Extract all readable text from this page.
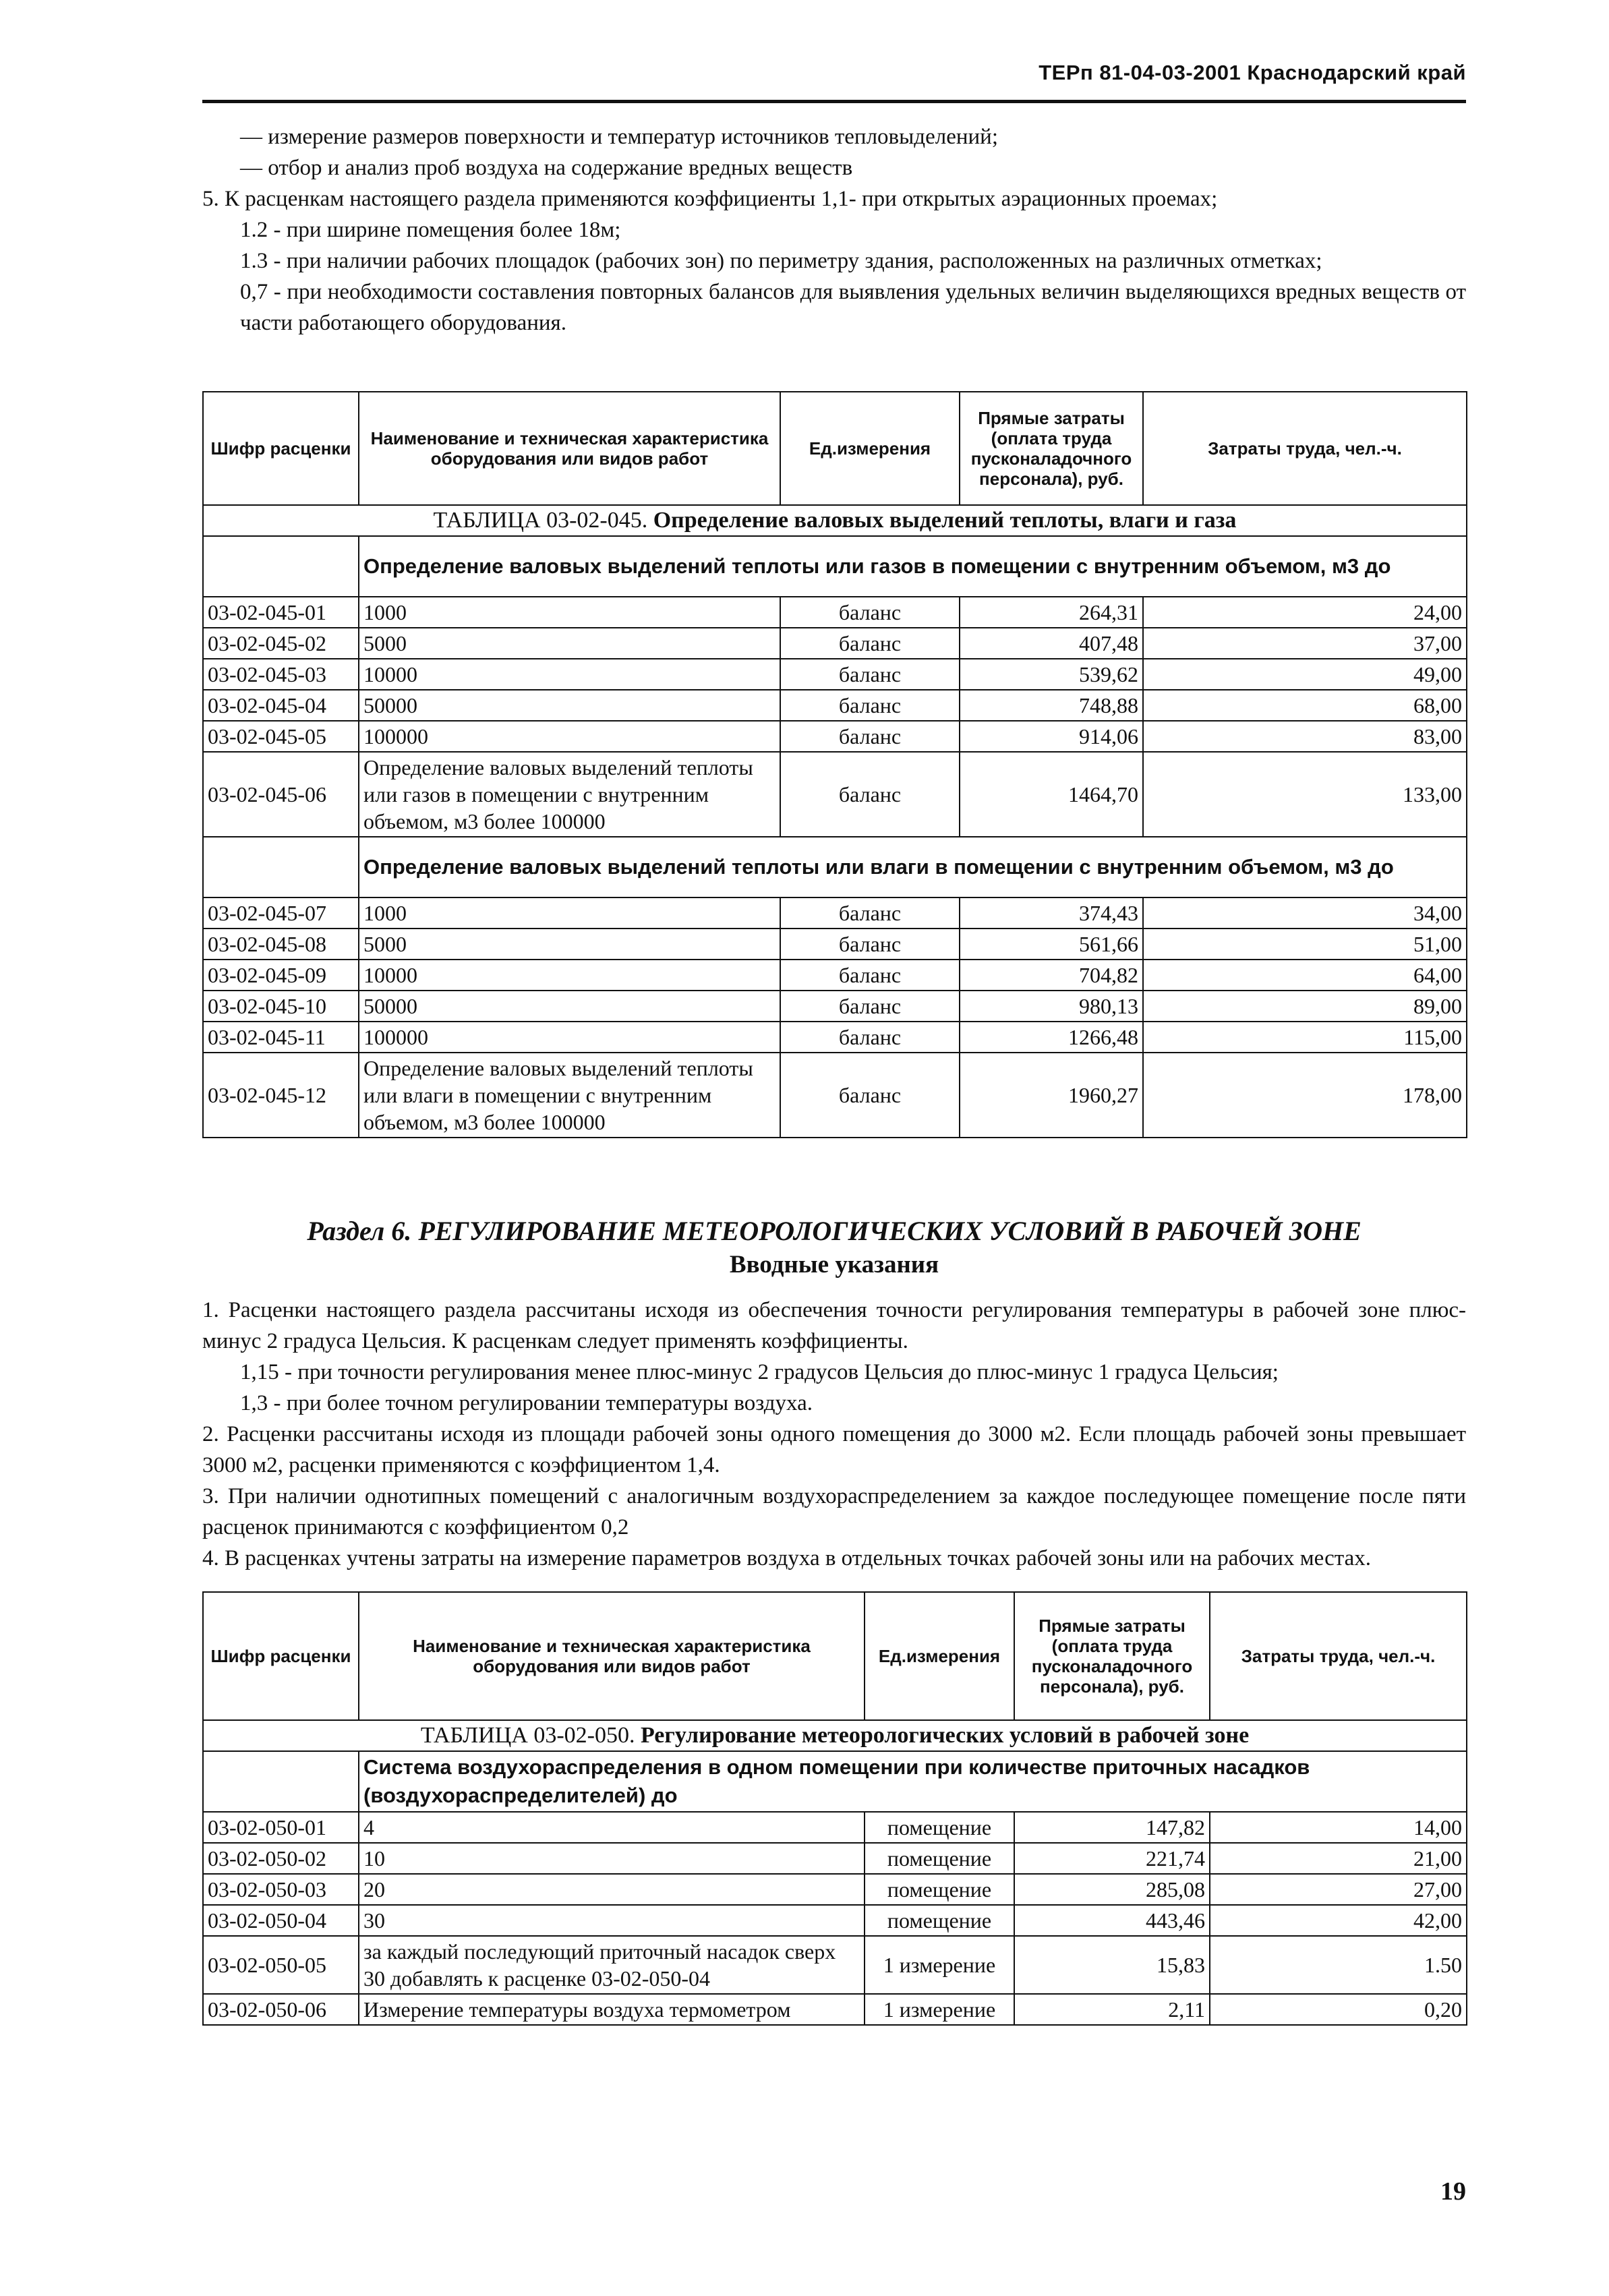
ТЕРп 81-04-03-2001 Краснодарский край

— измерение размеров поверхности и температур источников тепловыделений;

— отбор и анализ проб воздуха на содержание вредных веществ

5. К расценкам настоящего раздела применяются коэффициенты 1,1- при открытых аэрационных проемах;

1.2 - при ширине помещения более 18м;

1.3 - при наличии рабочих площадок (рабочих зон) по периметру здания, расположенных на различных отметках;

0,7 - при необходимости составления повторных балансов для выявления удельных величин выделяющихся вредных веществ от части работающего оборудования.

Шифр расценки	Наименование и техническая характеристика оборудования или видов работ	Ед.измерения	Прямые затраты (оплата труда пусконаладочного персонала), руб.	Затраты труда, чел.-ч.
ТАБЛИЦА 03-02-045. Определение валовых выделений теплоты, влаги и газа				
	Определение валовых выделений теплоты или газов в помещении с внутренним объемом, м3 до			
03-02-045-01	1000	баланс	264,31	24,00
03-02-045-02	5000	баланс	407,48	37,00
03-02-045-03	10000	баланс	539,62	49,00
03-02-045-04	50000	баланс	748,88	68,00
03-02-045-05	100000	баланс	914,06	83,00
03-02-045-06	Определение валовых выделений теплоты или газов в помещении с внутренним объемом, м3 более 100000	баланс	1464,70	133,00
	Определение валовых выделений теплоты или влаги в помещении с внутренним объемом, м3 до			
03-02-045-07	1000	баланс	374,43	34,00
03-02-045-08	5000	баланс	561,66	51,00
03-02-045-09	10000	баланс	704,82	64,00
03-02-045-10	50000	баланс	980,13	89,00
03-02-045-11	100000	баланс	1266,48	115,00
03-02-045-12	Определение валовых выделений теплоты или влаги в помещении с внутренним объемом, м3 более 100000	баланс	1960,27	178,00
Раздел 6. РЕГУЛИРОВАНИЕ МЕТЕОРОЛОГИЧЕСКИХ УСЛОВИЙ В РАБОЧЕЙ ЗОНЕ
Вводные указания

1. Расценки настоящего раздела рассчитаны исходя из обеспечения точности регулирования температуры в рабочей зоне плюс-минус 2 градуса Цельсия. К расценкам следует применять коэффициенты.

1,15 - при точности регулирования менее плюс-минус 2 градусов Цельсия до плюс-минус 1 градуса Цельсия;

1,3 - при более точном регулировании температуры воздуха.

2. Расценки рассчитаны исходя из площади рабочей зоны одного помещения до 3000 м2. Если площадь рабочей зоны превышает 3000 м2, расценки применяются с коэффициентом 1,4.

3. При наличии однотипных помещений с аналогичным воздухораспределением за каждое последующее помещение после пяти расценок принимаются с коэффициентом 0,2

4. В расценках учтены затраты на измерение параметров воздуха в отдельных точках рабочей зоны или на рабочих местах.

Шифр расценки	Наименование и техническая характеристика оборудования или видов работ	Ед.измерения	Прямые затраты (оплата труда пусконаладочного персонала), руб.	Затраты труда, чел.-ч.
ТАБЛИЦА 03-02-050. Регулирование метеорологических условий в рабочей зоне				
	Система воздухораспределения в одном помещении при количестве приточных насадков (воздухораспределителей) до			
03-02-050-01	4	помещение	147,82	14,00
03-02-050-02	10	помещение	221,74	21,00
03-02-050-03	20	помещение	285,08	27,00
03-02-050-04	30	помещение	443,46	42,00
03-02-050-05	за каждый последующий приточный насадок сверх 30 добавлять к расценке 03-02-050-04	1 измерение	15,83	1.50
03-02-050-06	Измерение температуры воздуха термометром	1 измерение	2,11	0,20
19
